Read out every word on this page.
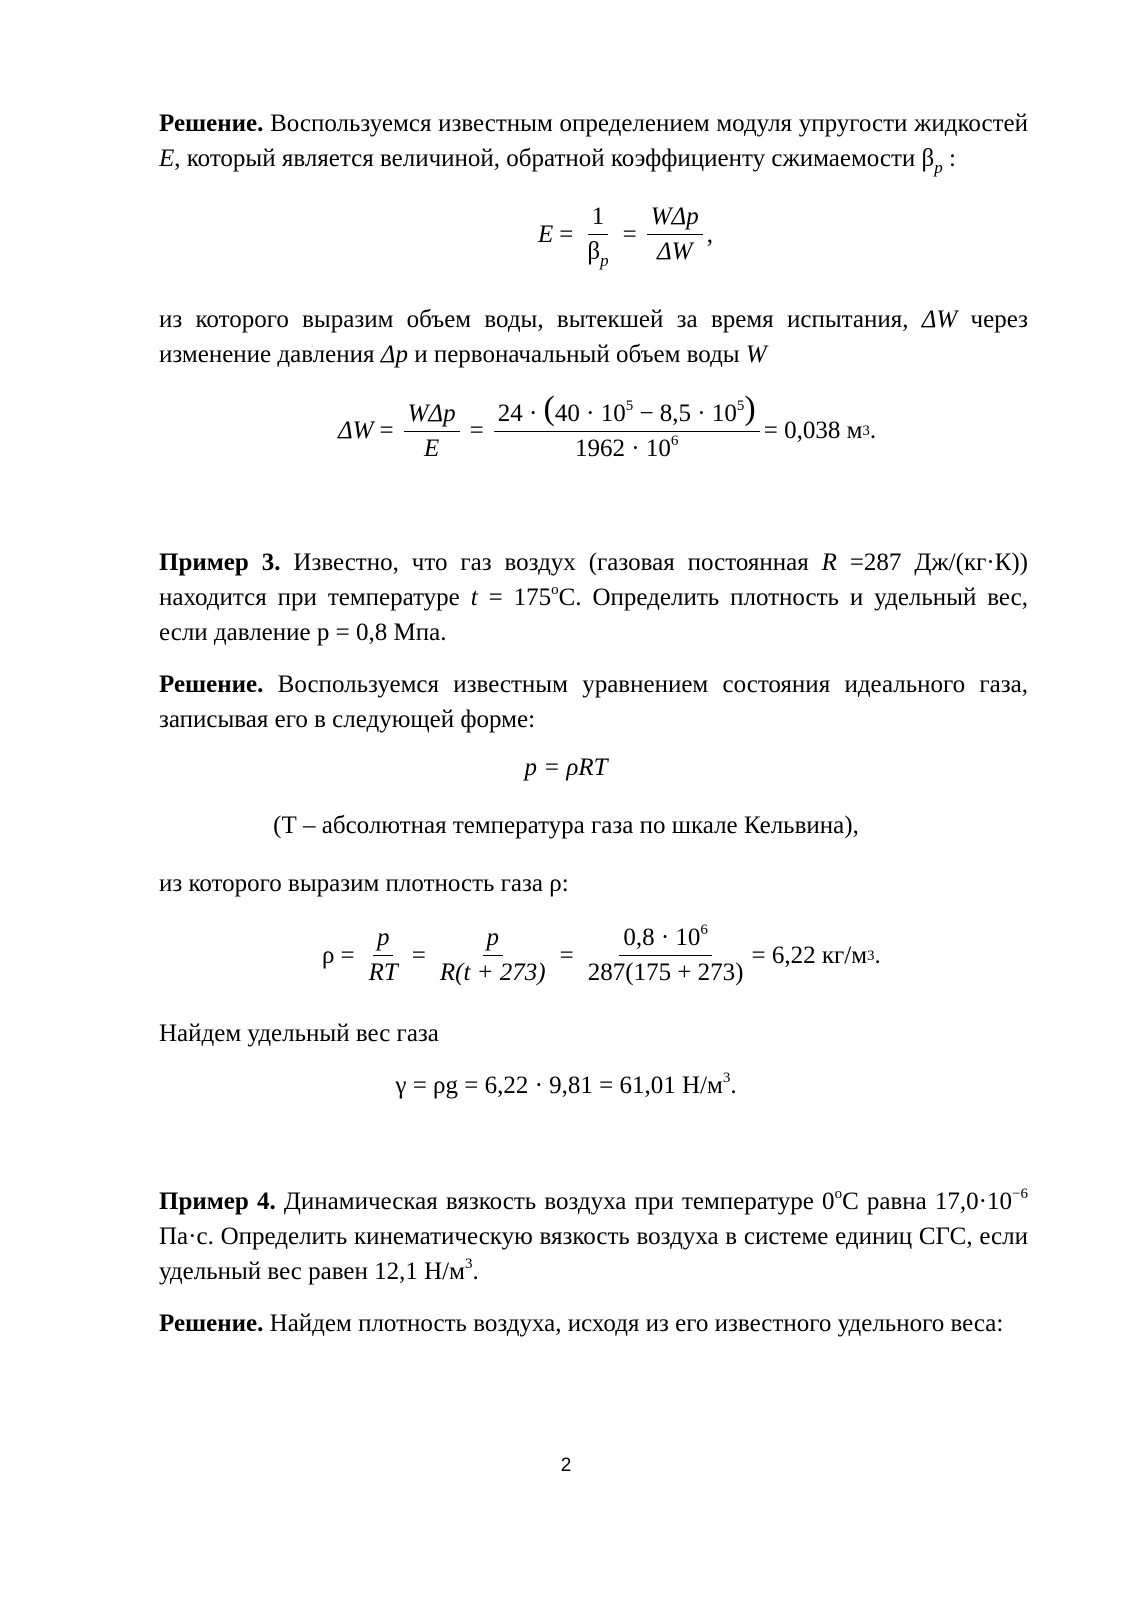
Решение. Воспользуемся известным определением модуля упругости жидкостей E, который является величиной, обратной коэффициенту сжимаемости $\beta_p$ :
$E = \frac{1}{\beta_p} = \frac{\text{WΔp}}{\Delta W}$ ,
из которого выразим объем воды, вытекшей за время испытания, ΔW через изменение давления Δp и первоначальный объем воды W
$\Delta W = \frac{\text{WΔp}}{E} = \frac{24 \cdot (40 \cdot 10^5 - 8,5 \cdot 10^5)}{1962 \cdot 10^6} = 0,038$ м 3 .
Пример 3. Известно, что газ воздух (газовая постоянная R =287 Дж/(кг·К)) находится при температуре $t = 175^оС$. Определить плотность и удельный вес, если давление р = 0,8 Мпа.
Решение. Воспользуемся известным уравнением состояния идеального газа, записывая его в следующей форме:
p = ρRT
(Т – абсолютная температура газа по шкале Кельвина),
из которого выразим плотность газа ρ:
$\rho = \frac{p}{RT} = \frac{p}{R(t + 273)} = \frac{0,8 \cdot 10^6}{287(175 + 273)} = 6,22$ кг/м 3 .
Найдем удельный вес газа
γ = ρg = 6,22 · 9,81 = 61,01 $Н/м^3$.
Пример 4. Динамическая вязкость воздуха при температуре $0^оС$ равна $17,0\cdot 10^{-6}$ Па·с. Определить кинематическую вязкость воздуха в системе единиц СГС, если удельный вес равен 12,1 $Н/м^3$.
Решение. Найдем плотность воздуха, исходя из его известного удельного веса:
2
